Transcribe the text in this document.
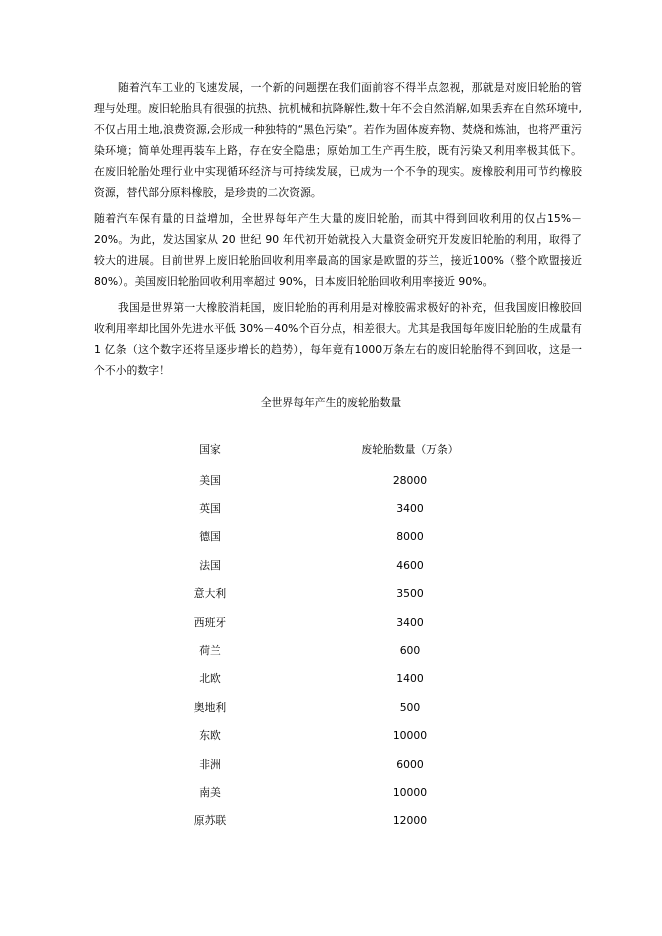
随着汽车工业的飞速发展，一个新的问题摆在我们面前容不得半点忽视，那就是对废旧轮胎的管理与处理。废旧轮胎具有很强的抗热、抗机械和抗降解性,数十年不会自然消解,如果丢弃在自然环境中,不仅占用土地,浪费资源,会形成一种独特的“黑色污染”。若作为固体废弃物、焚烧和炼油，也将严重污染环境；简单处理再装车上路，存在安全隐患；原始加工生产再生胶，既有污染又利用率极其低下。在废旧轮胎处理行业中实现循环经济与可持续发展，已成为一个不争的现实。废橡胶利用可节约橡胶资源，替代部分原料橡胶，是珍贵的二次资源。

随着汽车保有量的日益增加，全世界每年产生大量的废旧轮胎，而其中得到回收利用的仅占15%－20%。为此，发达国家从 20 世纪 90 年代初开始就投入大量资金研究开发废旧轮胎的利用，取得了较大的进展。目前世界上废旧轮胎回收利用率最高的国家是欧盟的芬兰，接近100%（整个欧盟接近 80%）。美国废旧轮胎回收利用率超过 90%，日本废旧轮胎回收利用率接近 90%。

我国是世界第一大橡胶消耗国，废旧轮胎的再利用是对橡胶需求极好的补充，但我国废旧橡胶回收利用率却比国外先进水平低 30%－40%个百分点，相差很大。尤其是我国每年废旧轮胎的生成量有 1 亿条（这个数字还将呈逐步增长的趋势），每年竟有1000万条左右的废旧轮胎得不到回收，这是一个不小的数字！

全世界每年产生的废轮胎数量

国家	废轮胎数量（万条）
美国	28000
英国	3400
德国	8000
法国	4600
意大利	3500
西班牙	3400
荷兰	600
北欧	1400
奥地利	500
东欧	10000
非洲	6000
南美	10000
原苏联	12000
